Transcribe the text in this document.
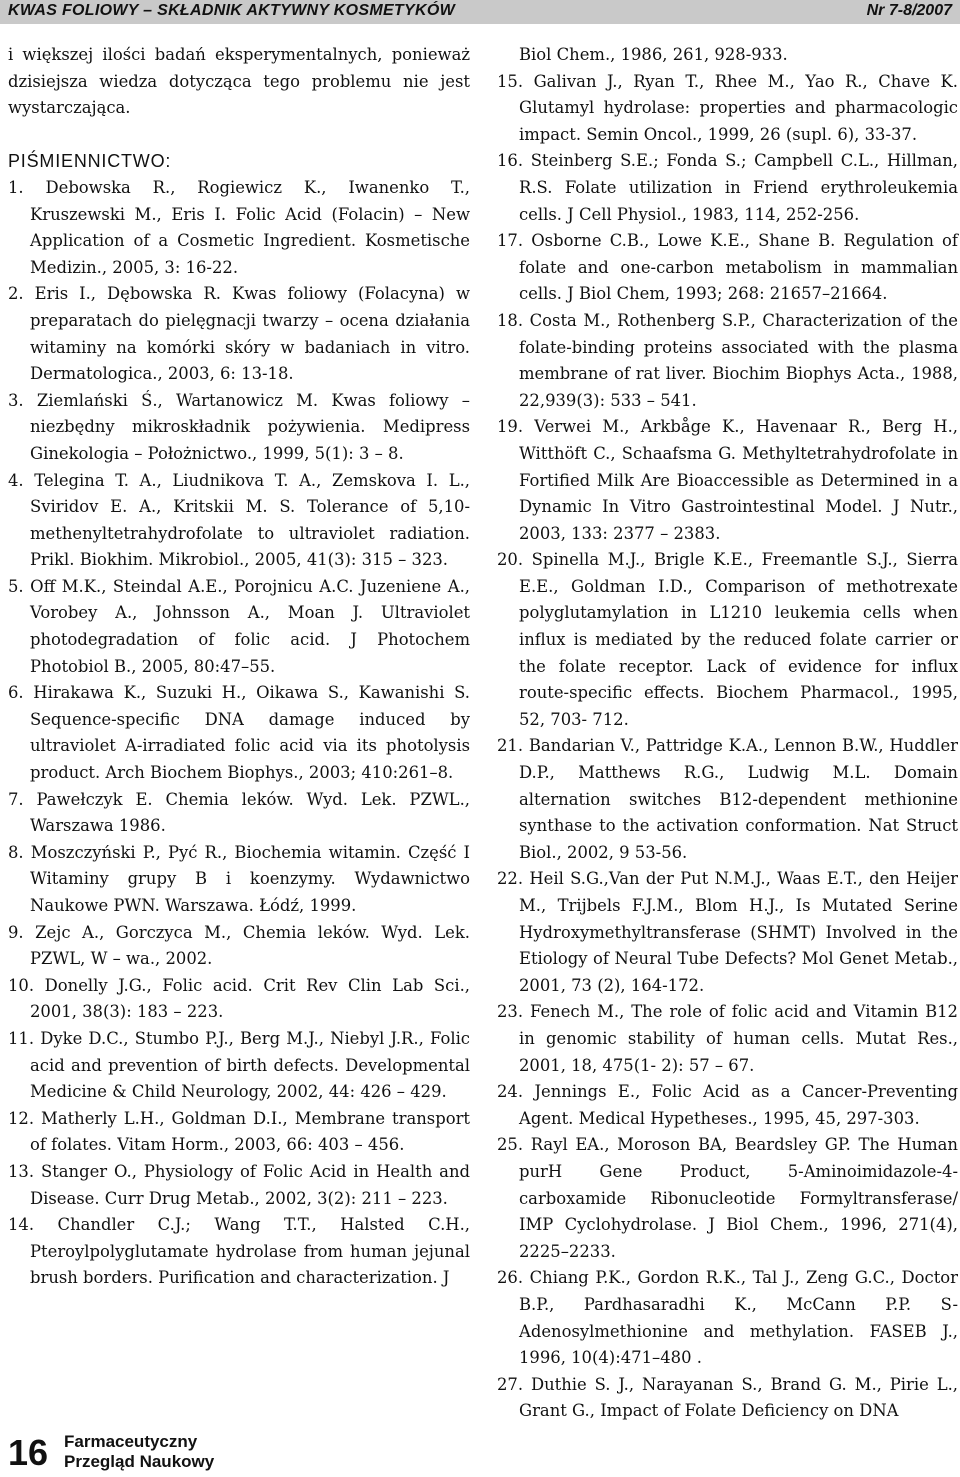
KWAS FOLIOWY – SKŁADNIK AKTYWNY KOSMETYKÓW	Nr 7-8/2007

i większej ilości badań eksperymentalnych, ponieważ dzisiejsza wiedza dotycząca tego problemu nie jest wystarczająca.

PIŚMIENNICTWO:

1. Debowska R., Rogiewicz K., Iwanenko T., Kruszewski M., Eris I. Folic Acid (Folacin) – New Application of a Cosmetic Ingredient. Kosmetische Medizin., 2005, 3: 16-22.

2. Eris I., Dębowska R. Kwas foliowy (Folacyna) w preparatach do pielęgnacji twarzy – ocena działania witaminy na komórki skóry w badaniach in vitro. Dermatologica., 2003, 6: 13-18.

3. Ziemlański Ś., Wartanowicz M. Kwas foliowy – niezbędny mikroskładnik pożywienia. Medipress Ginekologia – Położnictwo., 1999, 5(1): 3 – 8.

4. Telegina T. A., Liudnikova T. A., Zemskova I. L., Sviridov E. A., Kritskii M. S. Tolerance of 5,10-methenyltetrahydrofolate to ultraviolet radiation. Prikl. Biokhim. Mikrobiol., 2005, 41(3): 315 – 323.

5. Off M.K., Steindal A.E., Porojnicu A.C. Juzeniene A., Vorobey A., Johnsson A., Moan J. Ultraviolet photodegradation of folic acid. J Photochem Photobiol B., 2005, 80:47–55.

6. Hirakawa K., Suzuki H., Oikawa S., Kawanishi S. Sequence-specific DNA damage induced by ultraviolet A-irradiated folic acid via its photolysis product. Arch Biochem Biophys., 2003; 410:261–8.

7. Pawełczyk E. Chemia leków. Wyd. Lek. PZWL., Warszawa 1986.

8. Moszczyński P., Pyć R., Biochemia witamin. Część I Witaminy grupy B i koenzymy. Wydawnictwo Naukowe PWN. Warszawa. Łódź, 1999.

9. Zejc A., Gorczyca M., Chemia leków. Wyd. Lek. PZWL, W – wa., 2002.

10. Donelly J.G., Folic acid. Crit Rev Clin Lab Sci., 2001, 38(3): 183 – 223.

11. Dyke D.C., Stumbo P.J., Berg M.J., Niebyl J.R., Folic acid and prevention of birth defects. Developmental Medicine & Child Neurology, 2002, 44: 426 – 429.

12. Matherly L.H., Goldman D.I., Membrane transport of folates. Vitam Horm., 2003, 66: 403 – 456.

13. Stanger O., Physiology of Folic Acid in Health and Disease. Curr Drug Metab., 2002, 3(2): 211 – 223.

14. Chandler C.J.; Wang T.T., Halsted C.H., Pteroylpolyglutamate hydrolase from human jejunal brush borders. Purification and characterization. J

Biol Chem., 1986, 261, 928-933.

15. Galivan J., Ryan T., Rhee M., Yao R., Chave K. Glutamyl hydrolase: properties and pharmacologic impact. Semin Oncol., 1999, 26 (supl. 6), 33-37.

16. Steinberg S.E.; Fonda S.; Campbell C.L., Hillman, R.S. Folate utilization in Friend erythroleukemia cells. J Cell Physiol., 1983, 114, 252-256.

17. Osborne C.B., Lowe K.E., Shane B. Regulation of folate and one-carbon metabolism in mammalian cells. J Biol Chem, 1993; 268: 21657–21664.

18. Costa M., Rothenberg S.P., Characterization of the folate-binding proteins associated with the plasma membrane of rat liver. Biochim Biophys Acta., 1988, 22,939(3): 533 – 541.

19. Verwei M., Arkbåge K., Havenaar R., Berg H., Witthöft C., Schaafsma G. Methyltetrahydrofolate in Fortified Milk Are Bioaccessible as Determined in a Dynamic In Vitro Gastrointestinal Model. J Nutr., 2003, 133: 2377 – 2383.

20. Spinella M.J., Brigle K.E., Freemantle S.J., Sierra E.E., Goldman I.D., Comparison of methotrexate polyglutamylation in L1210 leukemia cells when influx is mediated by the reduced folate carrier or the folate receptor. Lack of evidence for influx route-specific effects. Biochem Pharmacol., 1995, 52, 703- 712.

21. Bandarian V., Pattridge K.A., Lennon B.W., Huddler D.P., Matthews R.G., Ludwig M.L. Domain alternation switches B12-dependent methionine synthase to the activation conformation. Nat Struct Biol., 2002, 9 53-56.

22. Heil S.G.,Van der Put N.M.J., Waas E.T., den Heijer M., Trijbels F.J.M., Blom H.J., Is Mutated Serine Hydroxymethyltransferase (SHMT) Involved in the Etiology of Neural Tube Defects? Mol Genet Metab., 2001, 73 (2), 164-172.

23. Fenech M., The role of folic acid and Vitamin B12 in genomic stability of human cells. Mutat Res., 2001, 18, 475(1- 2): 57 – 67.

24. Jennings E., Folic Acid as a Cancer-Preventing Agent. Medical Hypetheses., 1995, 45, 297-303.

25. Rayl EA., Moroson BA, Beardsley GP. The Human purH Gene Product, 5-Aminoimidazole-4-carboxamide Ribonucleotide Formyltransferase/ IMP Cyclohydrolase. J Biol Chem., 1996, 271(4), 2225–2233.

26. Chiang P.K., Gordon R.K., Tal J., Zeng G.C., Doctor B.P., Pardhasaradhi K., McCann P.P. S-Adenosylmethionine and methylation. FASEB J., 1996, 10(4):471–480 .

27. Duthie S. J., Narayanan S., Brand G. M., Pirie L., Grant G., Impact of Folate Deficiency on DNA

16 Farmaceutyczny
Przegląd Naukowy
